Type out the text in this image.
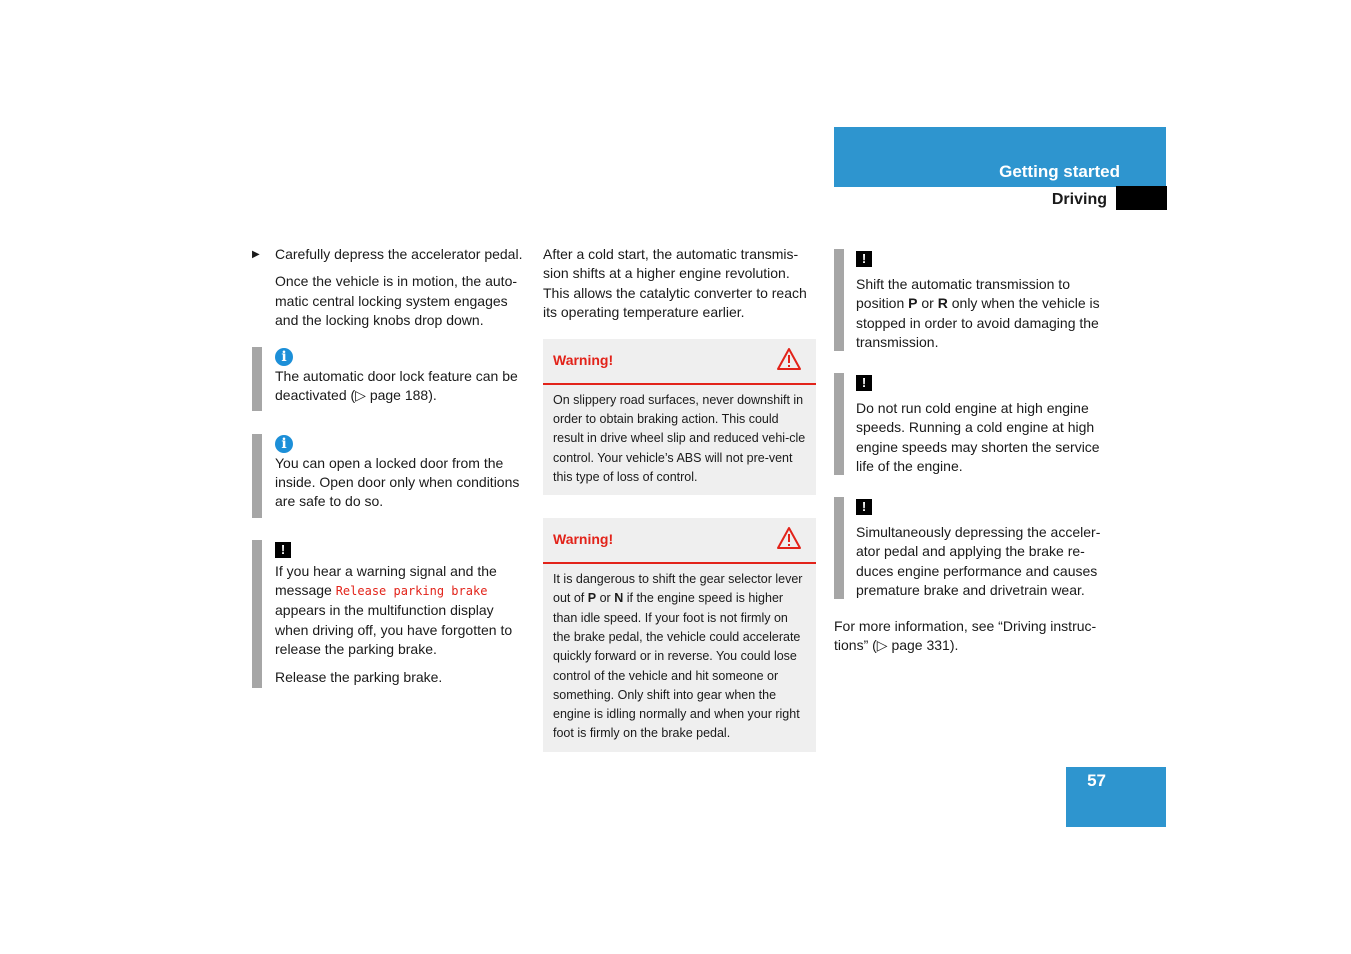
Getting started
Driving
▶ Carefully depress the accelerator pedal.

Once the vehicle is in motion, the auto-matic central locking system engages and the locking knobs drop down.

i

The automatic door lock feature can be deactivated (▷ page 188).

i

You can open a locked door from the inside. Open door only when conditions are safe to do so.

!

If you hear a warning signal and the message Release parking brake appears in the multifunction display when driving off, you have forgotten to release the parking brake.

Release the parking brake.

After a cold start, the automatic transmis-sion shifts at a higher engine revolution. This allows the catalytic converter to reach its operating temperature earlier.

Warning!

On slippery road surfaces, never downshift in order to obtain braking action. This could result in drive wheel slip and reduced vehi-cle control. Your vehicle’s ABS will not pre-vent this type of loss of control.

Warning!

It is dangerous to shift the gear selector lever out of P or N if the engine speed is higher than idle speed. If your foot is not firmly on the brake pedal, the vehicle could accelerate quickly forward or in reverse. You could lose control of the vehicle and hit someone or something. Only shift into gear when the engine is idling normally and when your right foot is firmly on the brake pedal.

!

Shift the automatic transmission to position P or R only when the vehicle is stopped in order to avoid damaging the transmission.

!

Do not run cold engine at high engine speeds. Running a cold engine at high engine speeds may shorten the service life of the engine.

!

Simultaneously depressing the acceler-ator pedal and applying the brake re-duces engine performance and causes premature brake and drivetrain wear.

For more information, see “Driving instruc-tions” (▷ page 331).

57
